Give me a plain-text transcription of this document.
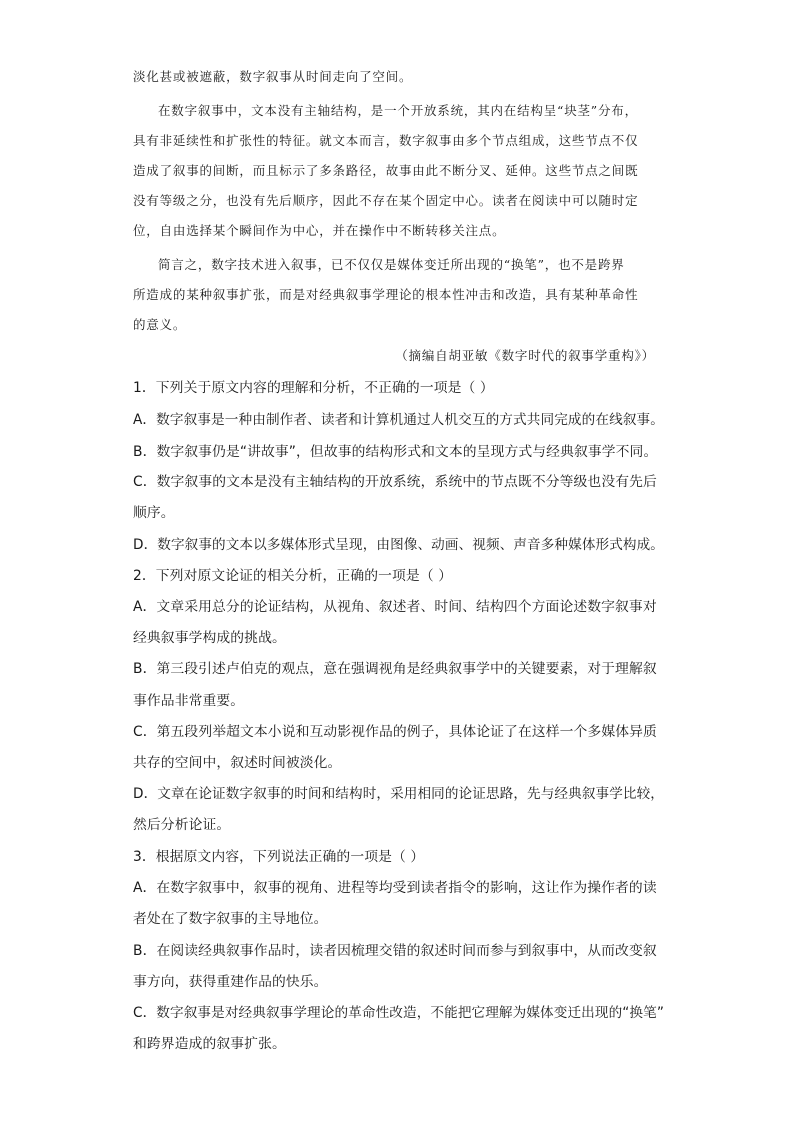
淡化甚或被遮蔽，数字叙事从时间走向了空间。
在数字叙事中，文本没有主轴结构，是一个开放系统，其内在结构呈“块茎”分布，
具有非延续性和扩张性的特征。就文本而言，数字叙事由多个节点组成，这些节点不仅
造成了叙事的间断，而且标示了多条路径，故事由此不断分叉、延伸。这些节点之间既
没有等级之分，也没有先后顺序，因此不存在某个固定中心。读者在阅读中可以随时定
位，自由选择某个瞬间作为中心，并在操作中不断转移关注点。
简言之，数字技术进入叙事，已不仅仅是媒体变迁所出现的“换笔”，也不是跨界
所造成的某种叙事扩张，而是对经典叙事学理论的根本性冲击和改造，具有某种革命性
的意义。
（摘编自胡亚敏《数字时代的叙事学重构》）
1．下列关于原文内容的理解和分析，不正确的一项是（ ）
A．数字叙事是一种由制作者、读者和计算机通过人机交互的方式共同完成的在线叙事。
B．数字叙事仍是“讲故事”，但故事的结构形式和文本的呈现方式与经典叙事学不同。
C．数字叙事的文本是没有主轴结构的开放系统，系统中的节点既不分等级也没有先后
顺序。
D．数字叙事的文本以多媒体形式呈现，由图像、动画、视频、声音多种媒体形式构成。
2．下列对原文论证的相关分析，正确的一项是（ ）
A．文章采用总分的论证结构，从视角、叙述者、时间、结构四个方面论述数字叙事对
经典叙事学构成的挑战。
B．第三段引述卢伯克的观点，意在强调视角是经典叙事学中的关键要素，对于理解叙
事作品非常重要。
C．第五段列举超文本小说和互动影视作品的例子，具体论证了在这样一个多媒体异质
共存的空间中，叙述时间被淡化。
D．文章在论证数字叙事的时间和结构时，采用相同的论证思路，先与经典叙事学比较，
然后分析论证。
3．根据原文内容，下列说法正确的一项是（ ）
A．在数字叙事中，叙事的视角、进程等均受到读者指令的影响，这让作为操作者的读
者处在了数字叙事的主导地位。
B．在阅读经典叙事作品时，读者因梳理交错的叙述时间而参与到叙事中，从而改变叙
事方向，获得重建作品的快乐。
C．数字叙事是对经典叙事学理论的革命性改造，不能把它理解为媒体变迁出现的“换笔”
和跨界造成的叙事扩张。
